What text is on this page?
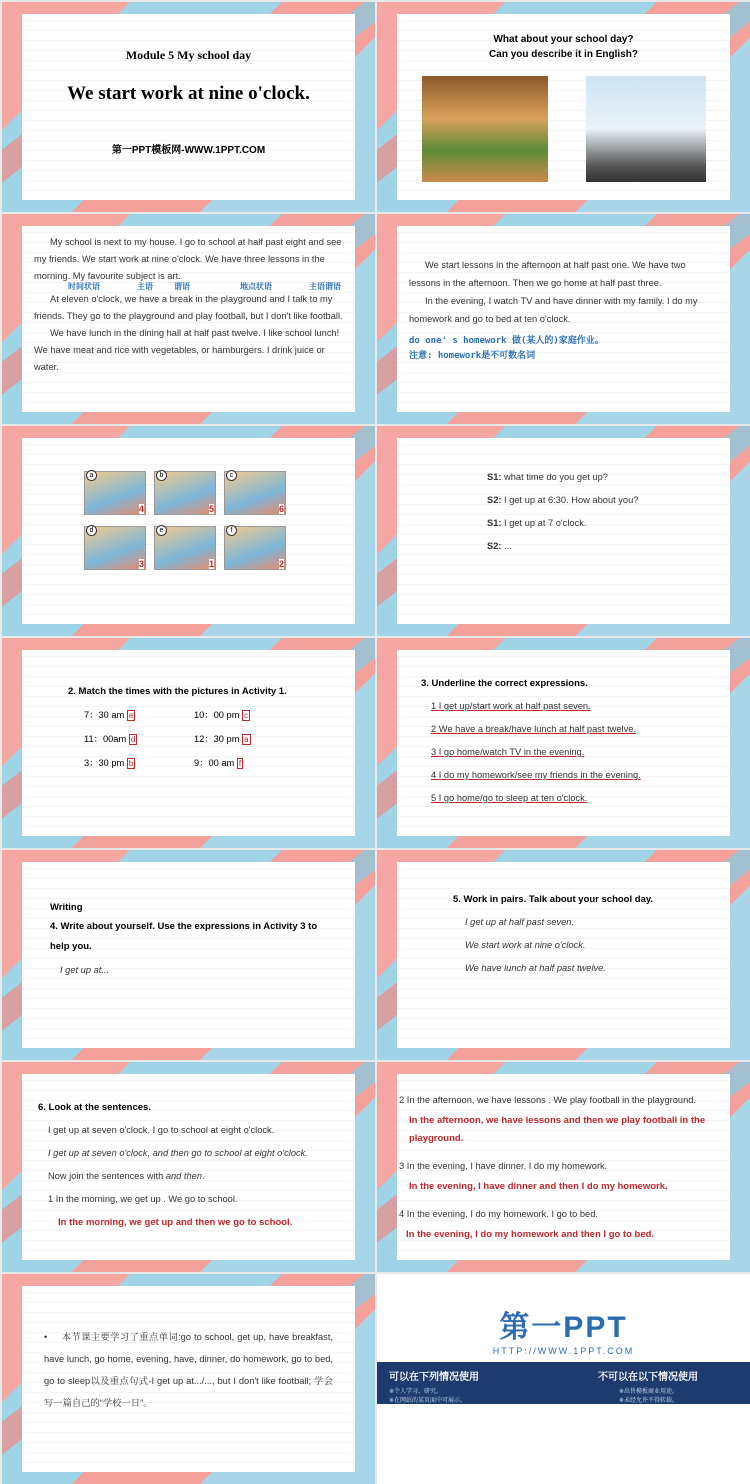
Module 5 My school day
We start work at nine o'clock.
第一PPT模板网-WWW.1PPT.COM
What about your school day?
Can you describe it in English?
My school is next to my house. I go to school at half past eight and see my friends. We start work at nine o'clock. We have three lessons in the morning. My favourite subject is art.
时间状语	主语	谓语	地点状语	主语谓语
At eleven o'clock, we have a break in the playground and I talk to my friends. They go to the playground and play football, but I don't like football.
We have lunch in the dining hall at half past twelve. I like school lunch! We have meat and rice with vegetables, or hamburgers. I drink juice or water.
We start lessons in the afternoon at half past one. We have two lessons in the afternoon. Then we go home at half past three.
In the evening, I watch TV and have dinner with my family. I do my homework and go to bed at ten o'clock.
do one' s homework 做(某人的)家庭作业。
注意: homework是不可数名词
a
4
b
5
c
6

d
3
e
1
f
2
S1: what time do you get up?
S2: I get up at 6:30. How about you?
S1: I get up at 7 o'clock.
S2: ...
2. Match the times with the pictures in Activity 1.
7：30 am e	10：00 pm c
11：00am d	12：30 pm a
3：30 pm b	9：00 am f
3. Underline the correct expressions.
1 I get up/start work at half past seven.
2 We have a break/have lunch at half past twelve.
3 I go home/watch TV in the evening.
4 I do my homework/see my friends in the evening.
5 I go home/go to sleep at ten o'clock.
Writing
4. Write about yourself. Use the expressions in Activity 3 to help you.
I get up at...
5. Work in pairs. Talk about your school day.
I get up at half past seven.
We start work at nine o'clock.
We have lunch at half past twelve.
6. Look at the sentences.
I get up at seven o'clock. I go to school at eight o'clock.
I get up at seven o'clock, and then go to school at eight o'clock.
Now join the sentences with and then.
1 In the morning, we get up . We go to school.
In the morning, we get up and then we go to school.
2 In the afternoon, we have lessons . We play football in the playground.
In the afternoon, we have lessons and then we play football in the playground.
3 In the evening, I have dinner. I do my homework.
In the evening, I have dinner and then I do my homework.
4 In the evening, I do my homework. I go to bed.
In the evening, I do my homework and then I go to bed.
• 本节课主要学习了重点单词:go to school, get up, have breakfast, have lunch, go home, evening, have, dinner, do homework, go to bed, go to sleep以及重点句式-I get up at.../..., but I don't like football; 学会写一篇自己的“学校一日”。
第一PPT
HTTP://WWW.1PPT.COM
可以在下列情况使用	不可以在以下情况使用
※个人学习、研究。
※在网站的某页面中可展示。
※出售模板商业用途。
※未经允许不得转载。
